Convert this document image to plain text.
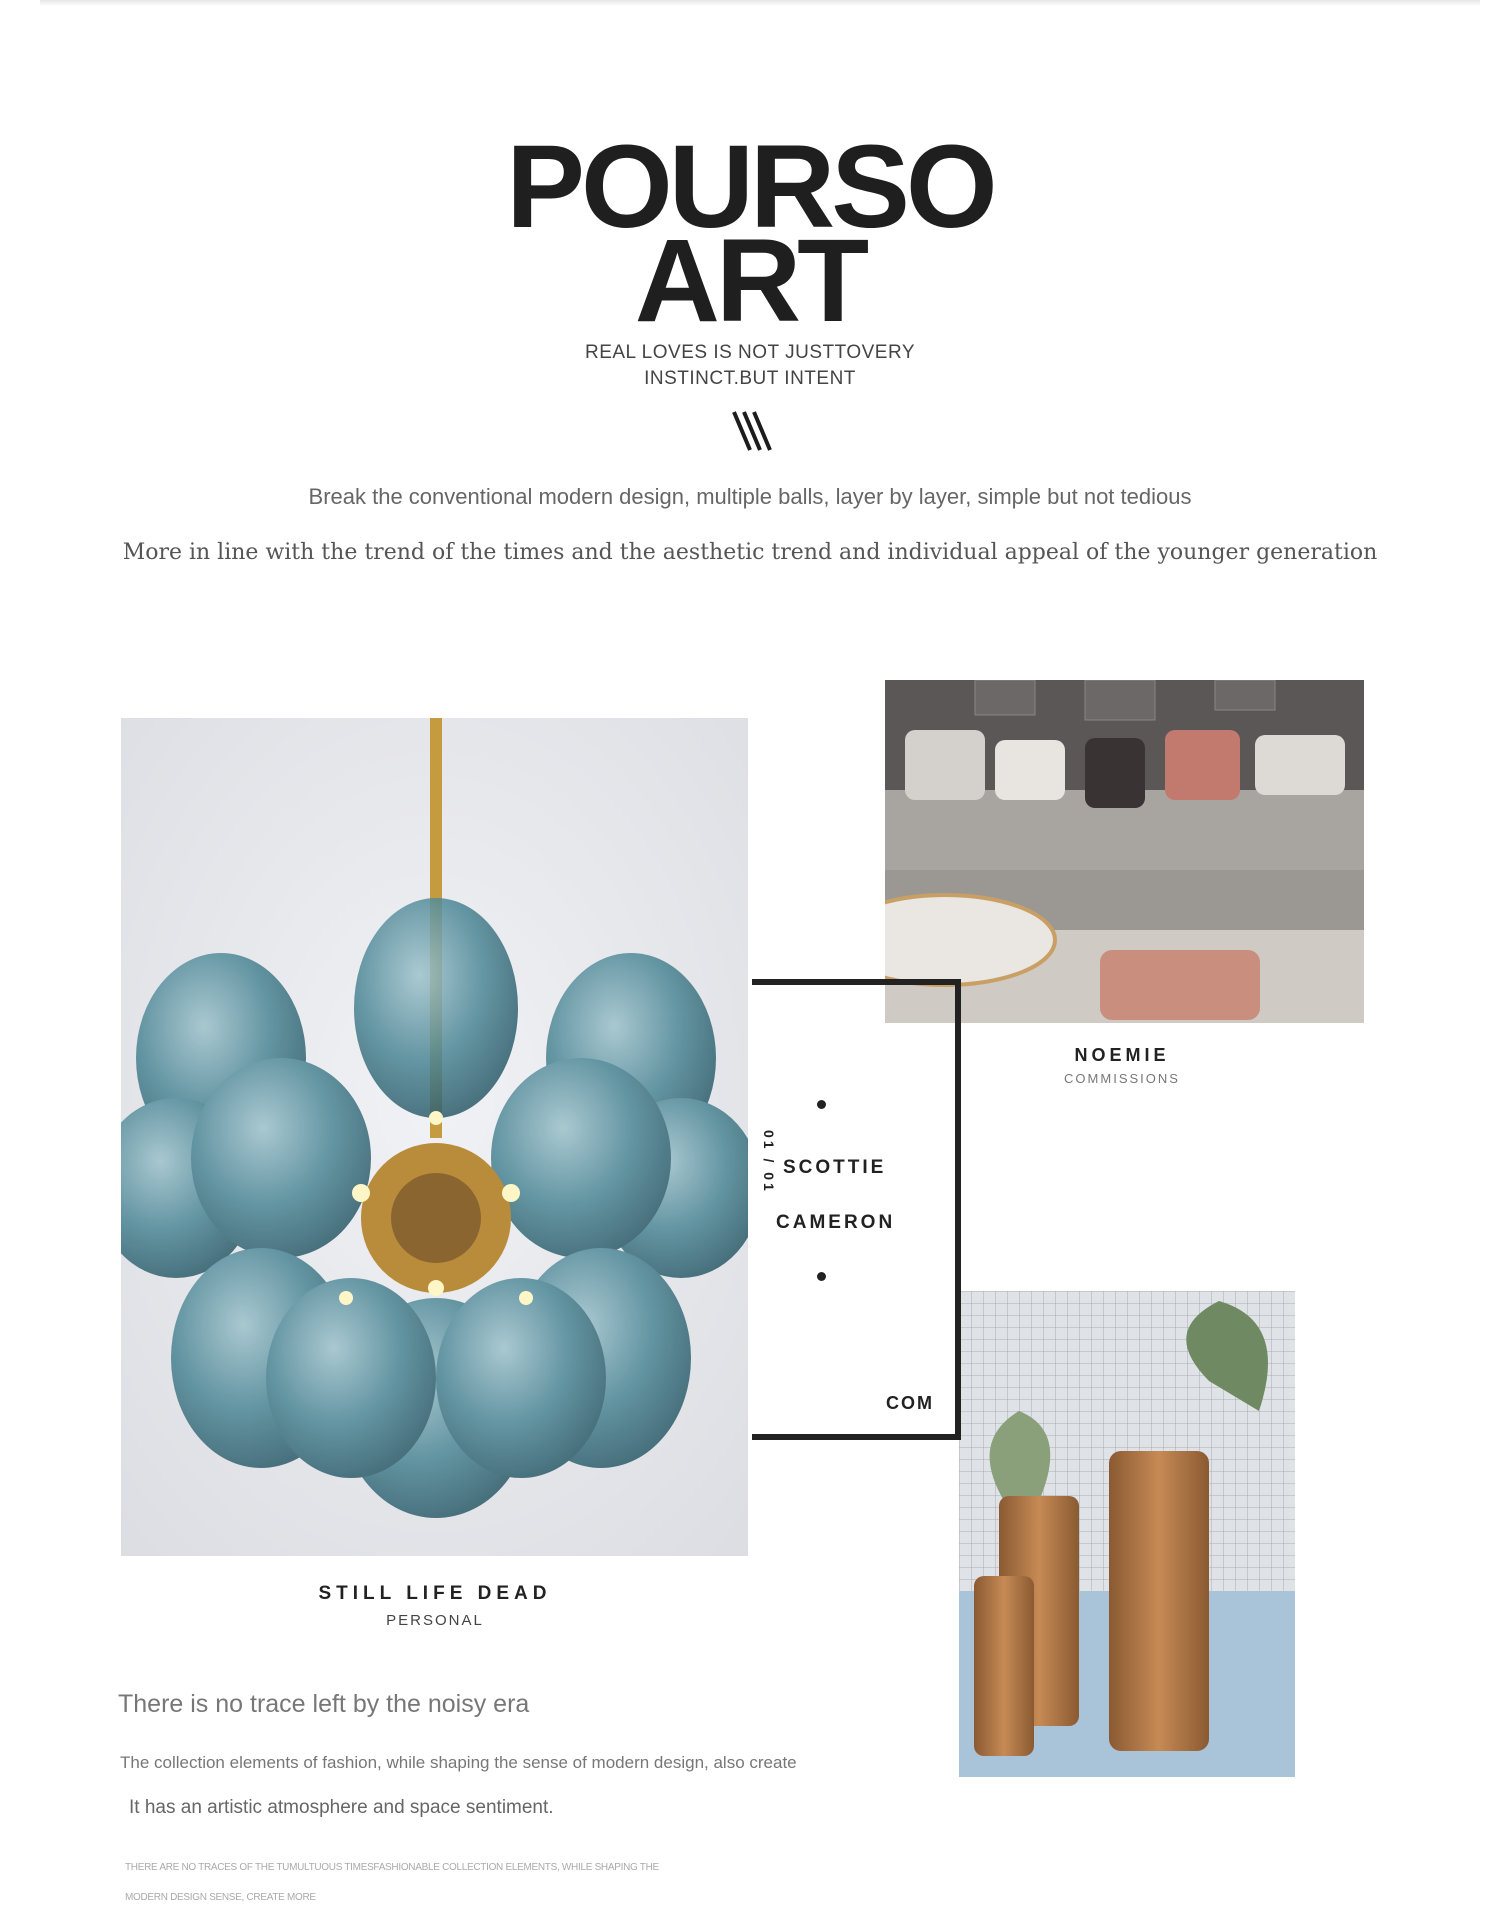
POURSO
ART
REAL LOVES IS NOT JUSTTOVERY
INSTINCT.BUT INTENT
Break the conventional modern design, multiple balls, layer by layer, simple but not tedious
More in line with the trend of the times and the aesthetic trend and individual appeal of the younger generation
01 / 01 SCOTTIE
CAMERON
COM
NOEMIE
COMMISSIONS
STILL LIFE DEAD
PERSONAL
There is no trace left by the noisy era
The collection elements of fashion, while shaping the sense of modern design, also create
It has an artistic atmosphere and space sentiment.
THERE ARE NO TRACES OF THE TUMULTUOUS TIMESFASHIONABLE COLLECTION ELEMENTS, WHILE SHAPING THE
MODERN DESIGN SENSE, CREATE MORE
